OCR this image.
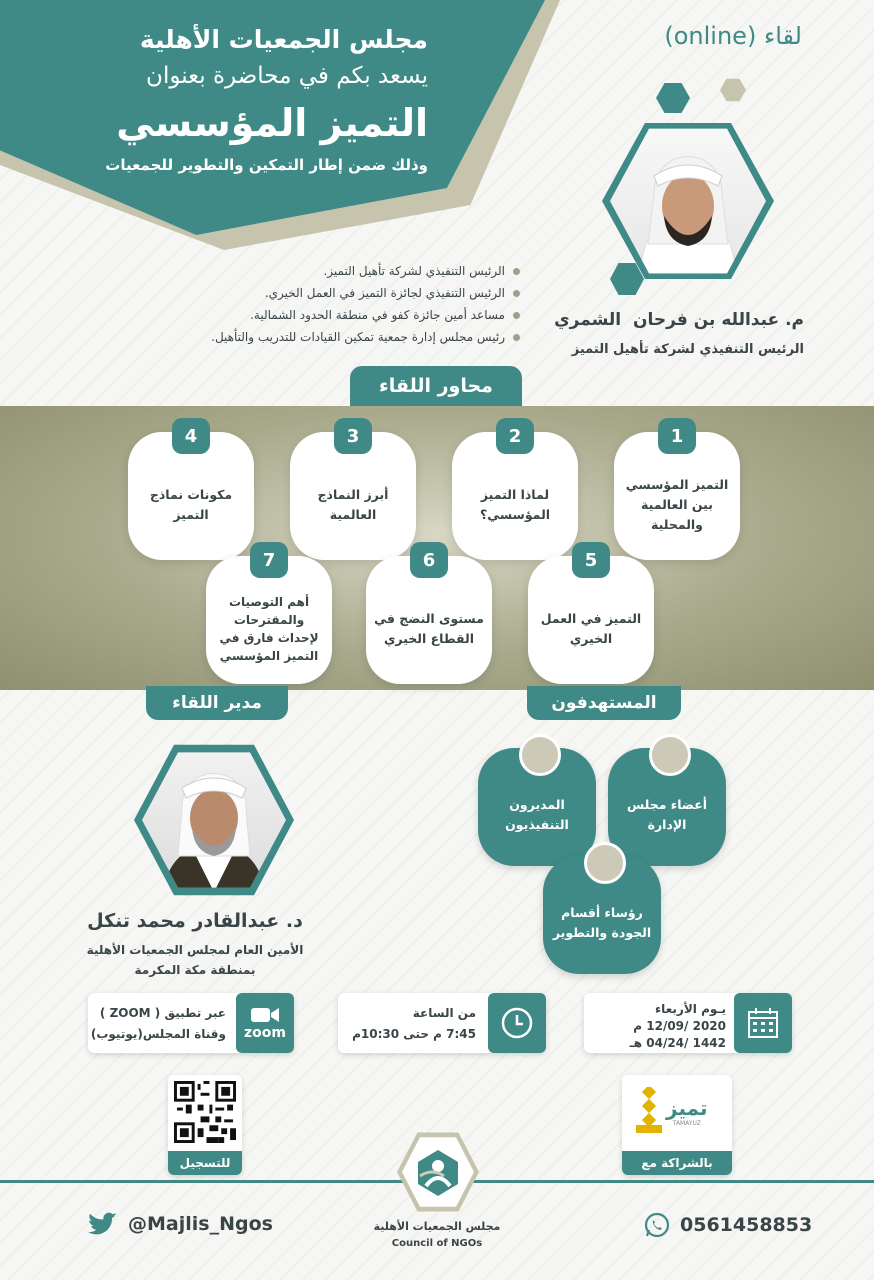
مجلس الجمعيات الأهلية
يسعد بكم في محاضرة بعنوان
التميز المؤسسي
وذلك ضمن إطار التمكين والتطوير للجمعيات
لقاء (online)
م. عبدالله بن فرحان  الشمري
الرئيس التنفيذي لشركة تأهيل التميز
الرئيس التنفيذي لشركة تأهيل التميز.
الرئيس التنفيذي لجائزة التميز في العمل الخيري.
مساعد أمين جائزة كفو في منطقة الحدود الشمالية.
رئيس مجلس إدارة جمعية تمكين القيادات للتدريب والتأهيل.
محاور اللقاء
1
التميز المؤسسي بين العالمية والمحلية
2
لماذا التميز المؤسسي؟
3
أبرز النماذج العالمية
4
مكونات نماذج التميز
5
التميز في العمل الخيري
6
مستوى النضج في القطاع الخيري
7
أهم التوصيات والمقترحات لإحداث فارق في التميز المؤسسي
مدير اللقاء
د. عبدالقادر محمد تنكل
الأمين العام لمجلس الجمعيات الأهلية
بمنطقة مكة المكرمة
المستهدفون
أعضاء مجلس الإدارة
المديرون التنفيذيون
رؤساء أقسام الجودة والتطوير
يـوم الأربعاء
2020 /12/09 م
1442 /04/24 هـ
من الساعة
7:45 م حتى 10:30م
zoom
عبر تطبيق ( ZOOM )
وقناة المجلس(يوتيوب)
للتسجيل
تميز
TAMAYUZ
بالشراكة مع
مجلس الجمعيات الأهلية
Council of NGOs
@Majlis_Ngos	0561458853
